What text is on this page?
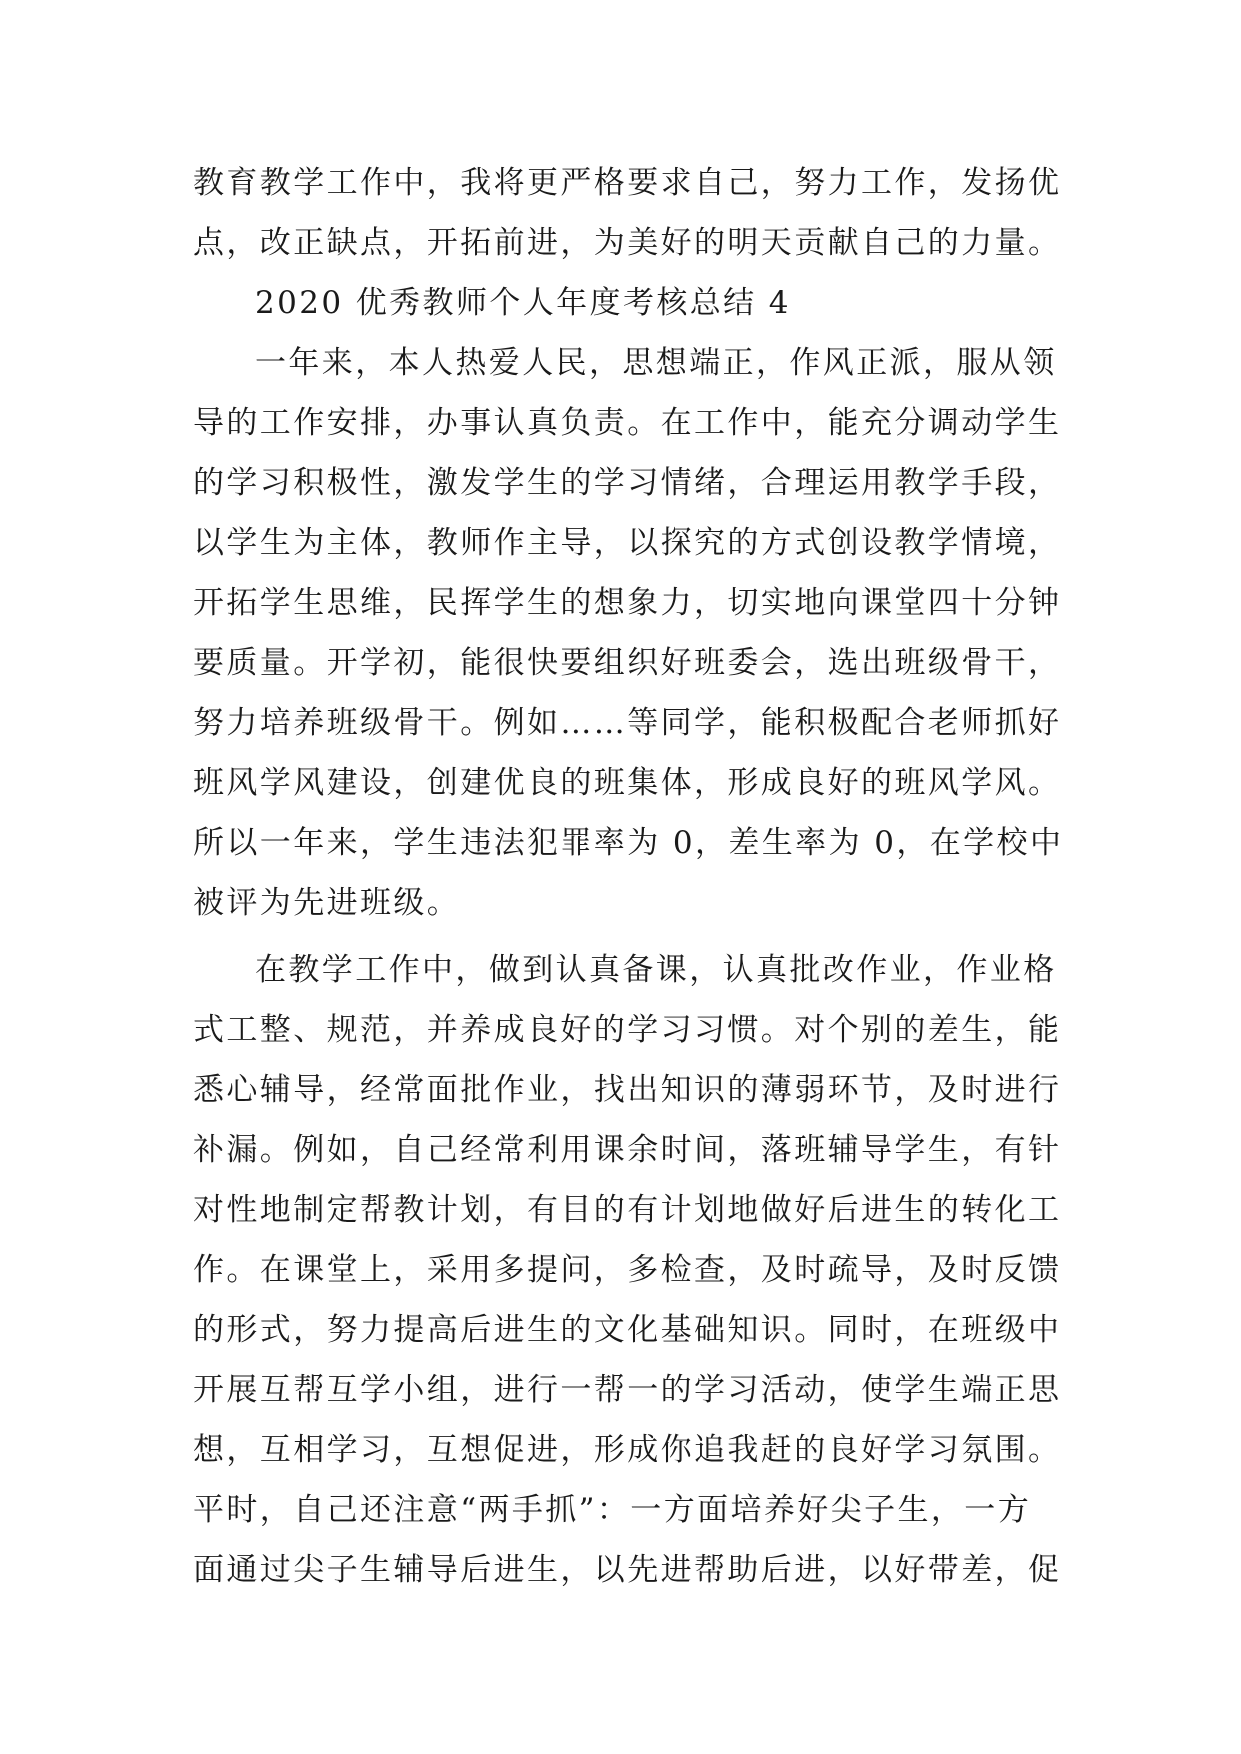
教育教学工作中，我将更严格要求自己，努力工作，发扬优
点，改正缺点，开拓前进，为美好的明天贡献自己的力量。
2020 优秀教师个人年度考核总结 4
一年来，本人热爱人民，思想端正，作风正派，服从领
导的工作安排，办事认真负责。在工作中，能充分调动学生
的学习积极性，激发学生的学习情绪，合理运用教学手段，
以学生为主体，教师作主导，以探究的方式创设教学情境，
开拓学生思维，民挥学生的想象力，切实地向课堂四十分钟
要质量。开学初，能很快要组织好班委会，选出班级骨干，
努力培养班级骨干。例如……等同学，能积极配合老师抓好
班风学风建设，创建优良的班集体，形成良好的班风学风。
所以一年来，学生违法犯罪率为 0，差生率为 0，在学校中
被评为先进班级。
在教学工作中，做到认真备课，认真批改作业，作业格
式工整、规范，并养成良好的学习习惯。对个别的差生，能
悉心辅导，经常面批作业，找出知识的薄弱环节，及时进行
补漏。例如，自己经常利用课余时间，落班辅导学生，有针
对性地制定帮教计划，有目的有计划地做好后进生的转化工
作。在课堂上，采用多提问，多检查，及时疏导，及时反馈
的形式，努力提高后进生的文化基础知识。同时，在班级中
开展互帮互学小组，进行一帮一的学习活动，使学生端正思
想，互相学习，互想促进，形成你追我赶的良好学习氛围。
平时，自己还注意“两手抓”：一方面培养好尖子生，一方
面通过尖子生辅导后进生，以先进帮助后进，以好带差，促
